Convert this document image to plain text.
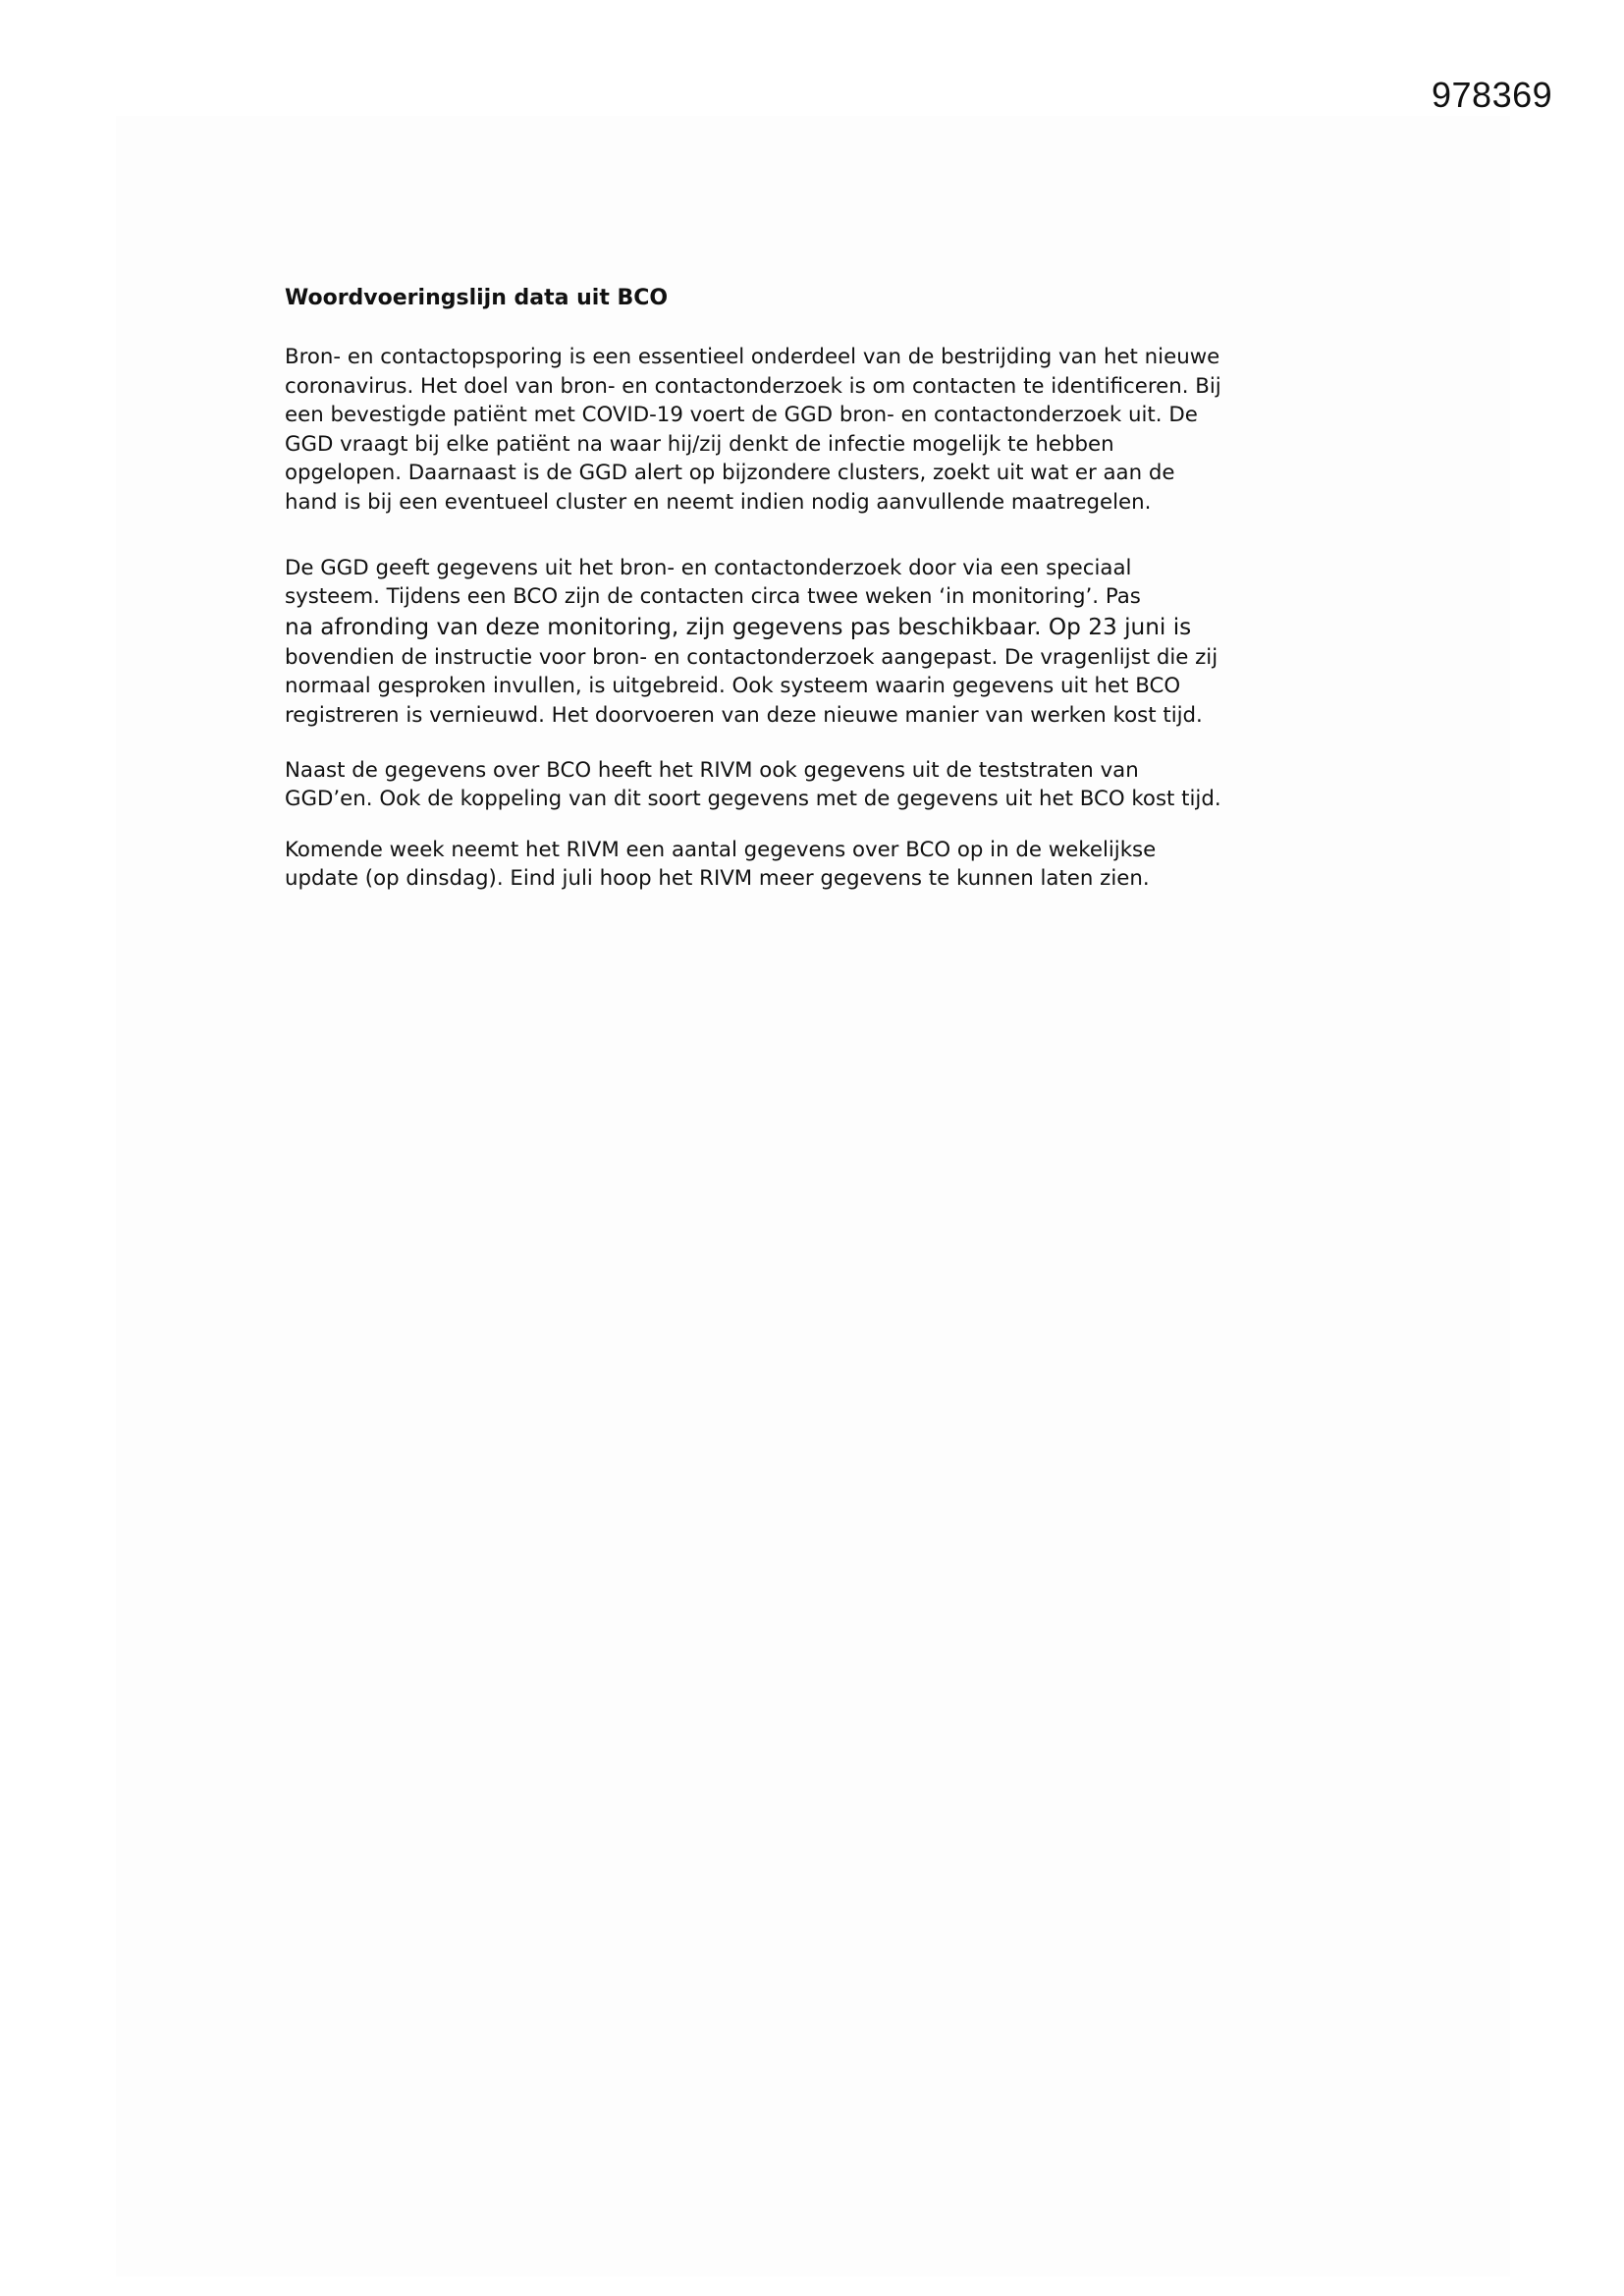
978369
Woordvoeringslijn data uit BCO

Bron- en contactopsporing is een essentieel onderdeel van de bestrijding van het nieuwe
coronavirus. Het doel van bron- en contactonderzoek is om contacten te identificeren. Bij
een bevestigde patiënt met COVID-19 voert de GGD bron- en contactonderzoek uit. De
GGD vraagt bij elke patiënt na waar hij/zij denkt de infectie mogelijk te hebben
opgelopen. Daarnaast is de GGD alert op bijzondere clusters, zoekt uit wat er aan de
hand is bij een eventueel cluster en neemt indien nodig aanvullende maatregelen.

De GGD geeft gegevens uit het bron- en contactonderzoek door via een speciaal
systeem. Tijdens een BCO zijn de contacten circa twee weken ‘in monitoring’. Pas
na afronding van deze monitoring, zijn gegevens pas beschikbaar. Op 23 juni is
bovendien de instructie voor bron- en contactonderzoek aangepast. De vragenlijst die zij
normaal gesproken invullen, is uitgebreid. Ook systeem waarin gegevens uit het BCO
registreren is vernieuwd. Het doorvoeren van deze nieuwe manier van werken kost tijd.

Naast de gegevens over BCO heeft het RIVM ook gegevens uit de teststraten van
GGD’en. Ook de koppeling van dit soort gegevens met de gegevens uit het BCO kost tijd.

Komende week neemt het RIVM een aantal gegevens over BCO op in de wekelijkse
update (op dinsdag). Eind juli hoop het RIVM meer gegevens te kunnen laten zien.
